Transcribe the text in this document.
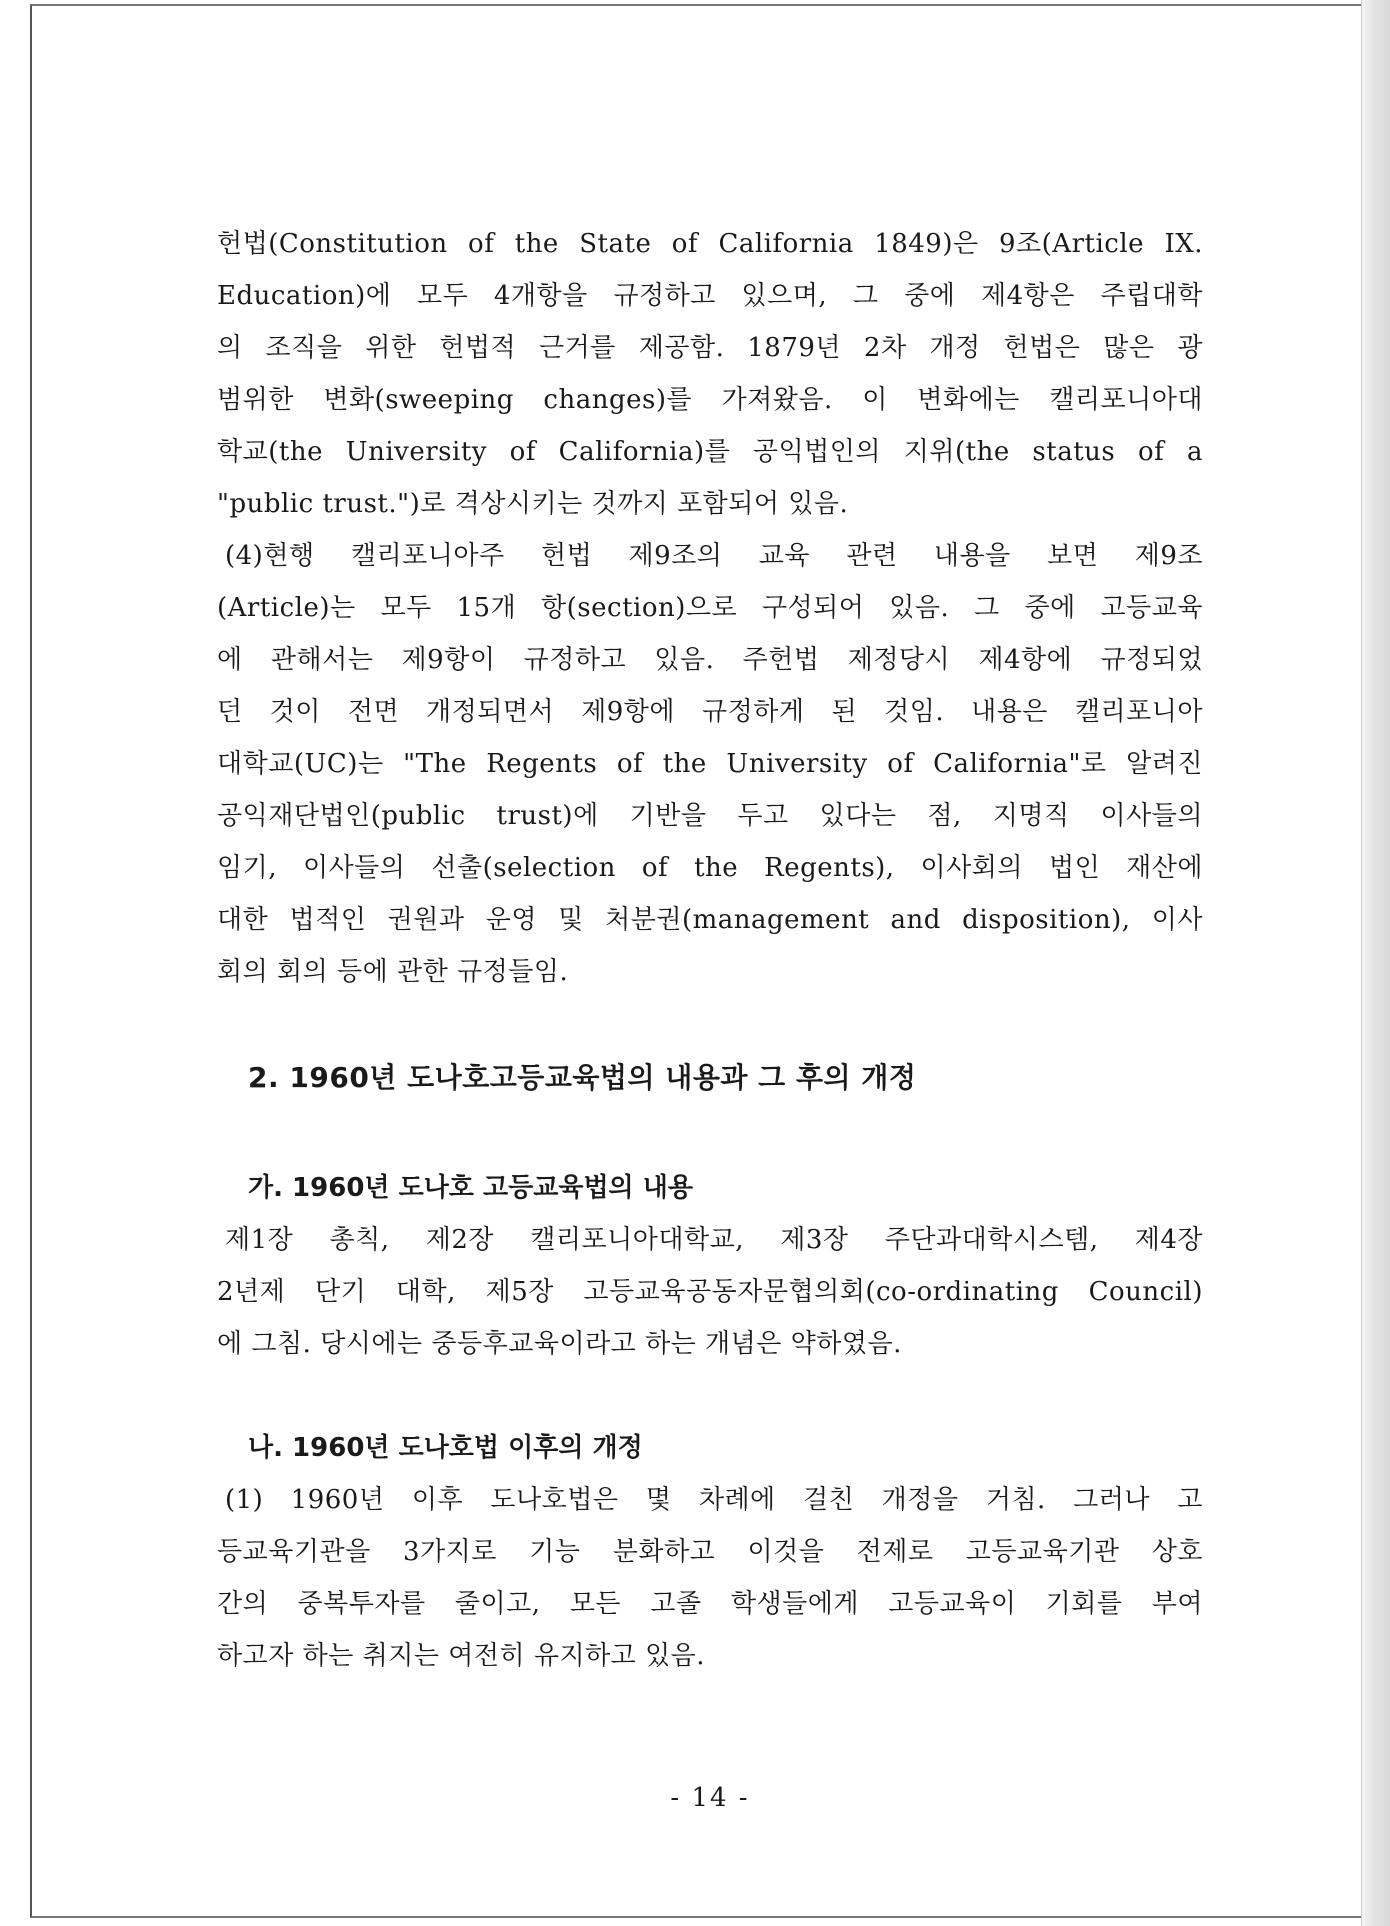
헌법(Constitution of the State of California 1849)은 9조(Article IX.
Education)에 모두 4개항을 규정하고 있으며, 그 중에 제4항은 주립대학
의 조직을 위한 헌법적 근거를 제공함. 1879년 2차 개정 헌법은 많은 광
범위한 변화(sweeping changes)를 가져왔음. 이 변화에는 캘리포니아대
학교(the University of California)를 공익법인의 지위(the status of a
"public trust.")로 격상시키는 것까지 포함되어 있음.
(4)현행 캘리포니아주 헌법 제9조의 교육 관련 내용을 보면 제9조
(Article)는 모두 15개 항(section)으로 구성되어 있음. 그 중에 고등교육
에 관해서는 제9항이 규정하고 있음. 주헌법 제정당시 제4항에 규정되었
던 것이 전면 개정되면서 제9항에 규정하게 된 것임. 내용은 캘리포니아
대학교(UC)는 "The Regents of the University of California"로 알려진
공익재단법인(public trust)에 기반을 두고 있다는 점, 지명직 이사들의
임기, 이사들의 선출(selection of the Regents), 이사회의 법인 재산에
대한 법적인 권원과 운영 및 처분권(management and disposition), 이사
회의 회의 등에 관한 규정들임.
2. 1960년 도나호고등교육법의 내용과 그 후의 개정
가. 1960년 도나호 고등교육법의 내용
제1장 총칙, 제2장 캘리포니아대학교, 제3장 주단과대학시스템, 제4장
2년제 단기 대학, 제5장 고등교육공동자문협의회(co-ordinating Council)
에 그침. 당시에는 중등후교육이라고 하는 개념은 약하였음.
나. 1960년 도나호법 이후의 개정
(1) 1960년 이후 도나호법은 몇 차례에 걸친 개정을 거침. 그러나 고
등교육기관을 3가지로 기능 분화하고 이것을 전제로 고등교육기관 상호
간의 중복투자를 줄이고, 모든 고졸 학생들에게 고등교육이 기회를 부여
하고자 하는 취지는 여전히 유지하고 있음.
- 14 -
